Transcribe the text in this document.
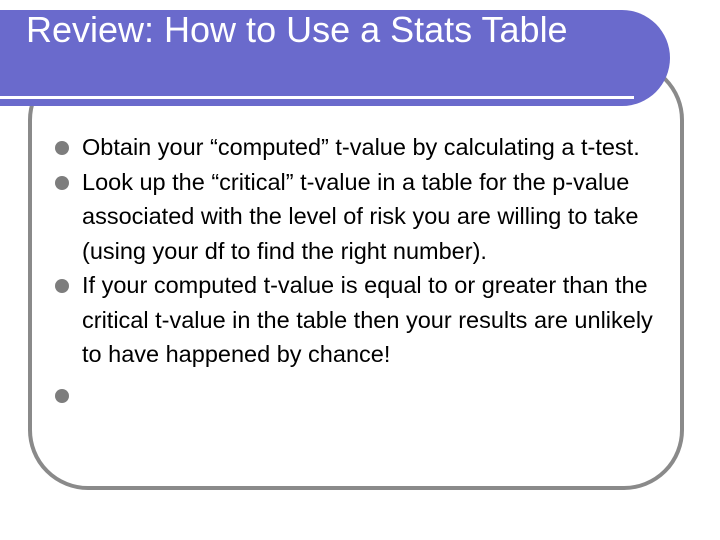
Review: How to Use a Stats Table
Obtain your “computed” t-value by calculating a t-test.
Look up the “critical” t-value in a table for the p-value associated with the level of risk you are willing to take (using your df to find the right number).
If your computed t-value is equal to or greater than the critical t-value in the table then your results are unlikely to have happened by chance!
